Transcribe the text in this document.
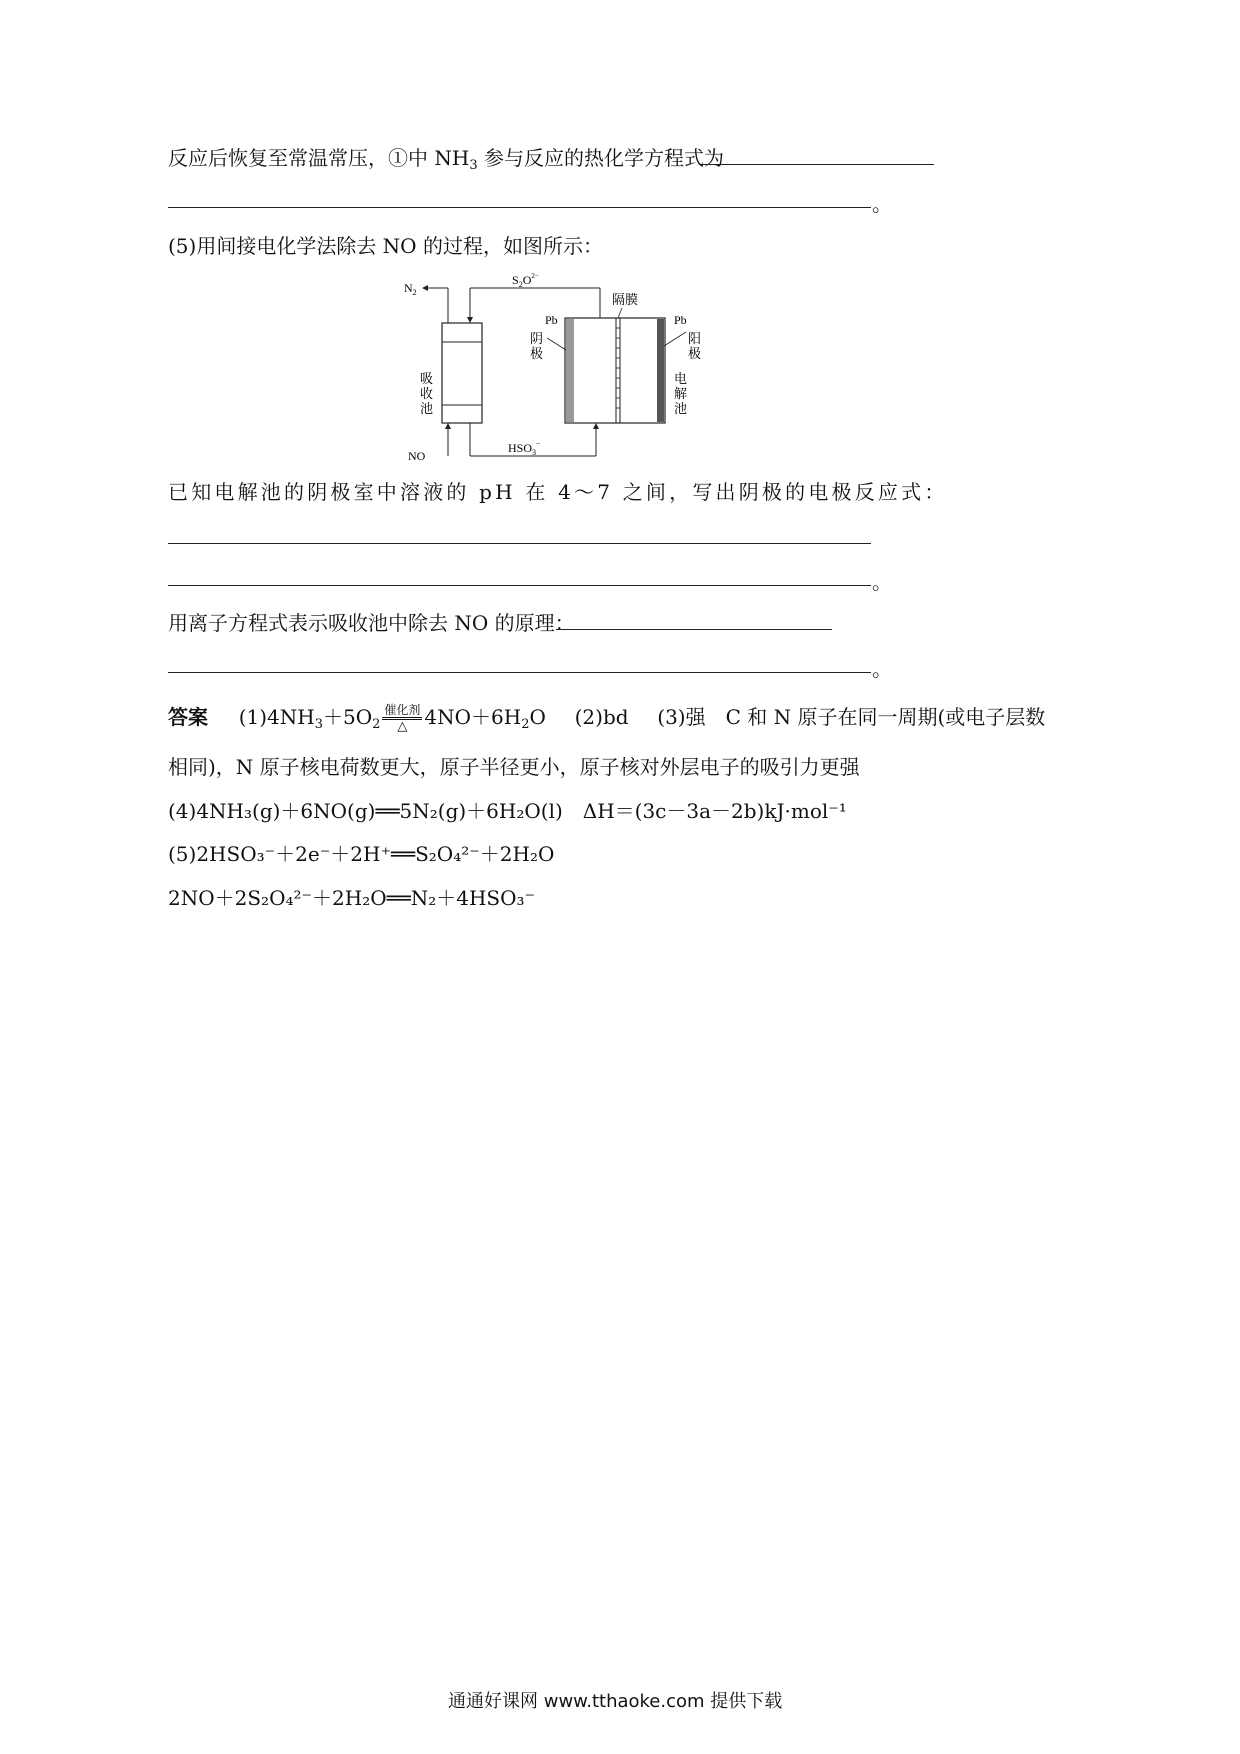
反应后恢复至常温常压，①中 $NH_3$ 参与反应的热化学方程式为
。
(5)用间接电化学法除去 NO 的过程，如图所示：
$N_2$
$S_2O^{2-}$
NO
$HSO_3^-$
吸
收
池
隔膜
Pb	Pb
阴
极
阳
极
电
解
池
已知电解池的阴极室中溶液的 pH 在 4～7 之间，写出阴极的电极反应式：
。
用离子方程式表示吸收池中除去 NO 的原理：
。
答案 $(1)4NH_3+5O_2 \frac{\text{催化剂}}{\triangle} 4NO+6H_2O$ (2)bd (3)强　C 和 N 原子在同一周期(或电子层数
相同)，N 原子核电荷数更大，原子半径更小，原子核对外层电子的吸引力更强
(4)4NH₃(g)＋6NO(g)══5N₂(g)＋6H₂O(l)　ΔH＝(3c－3a－2b)kJ·mol⁻¹
(5)2HSO₃⁻＋2e⁻＋2H⁺══S₂O₄²⁻＋2H₂O
2NO＋2S₂O₄²⁻＋2H₂O══N₂＋4HSO₃⁻
通通好课网 www.tthaoke.com 提供下载
